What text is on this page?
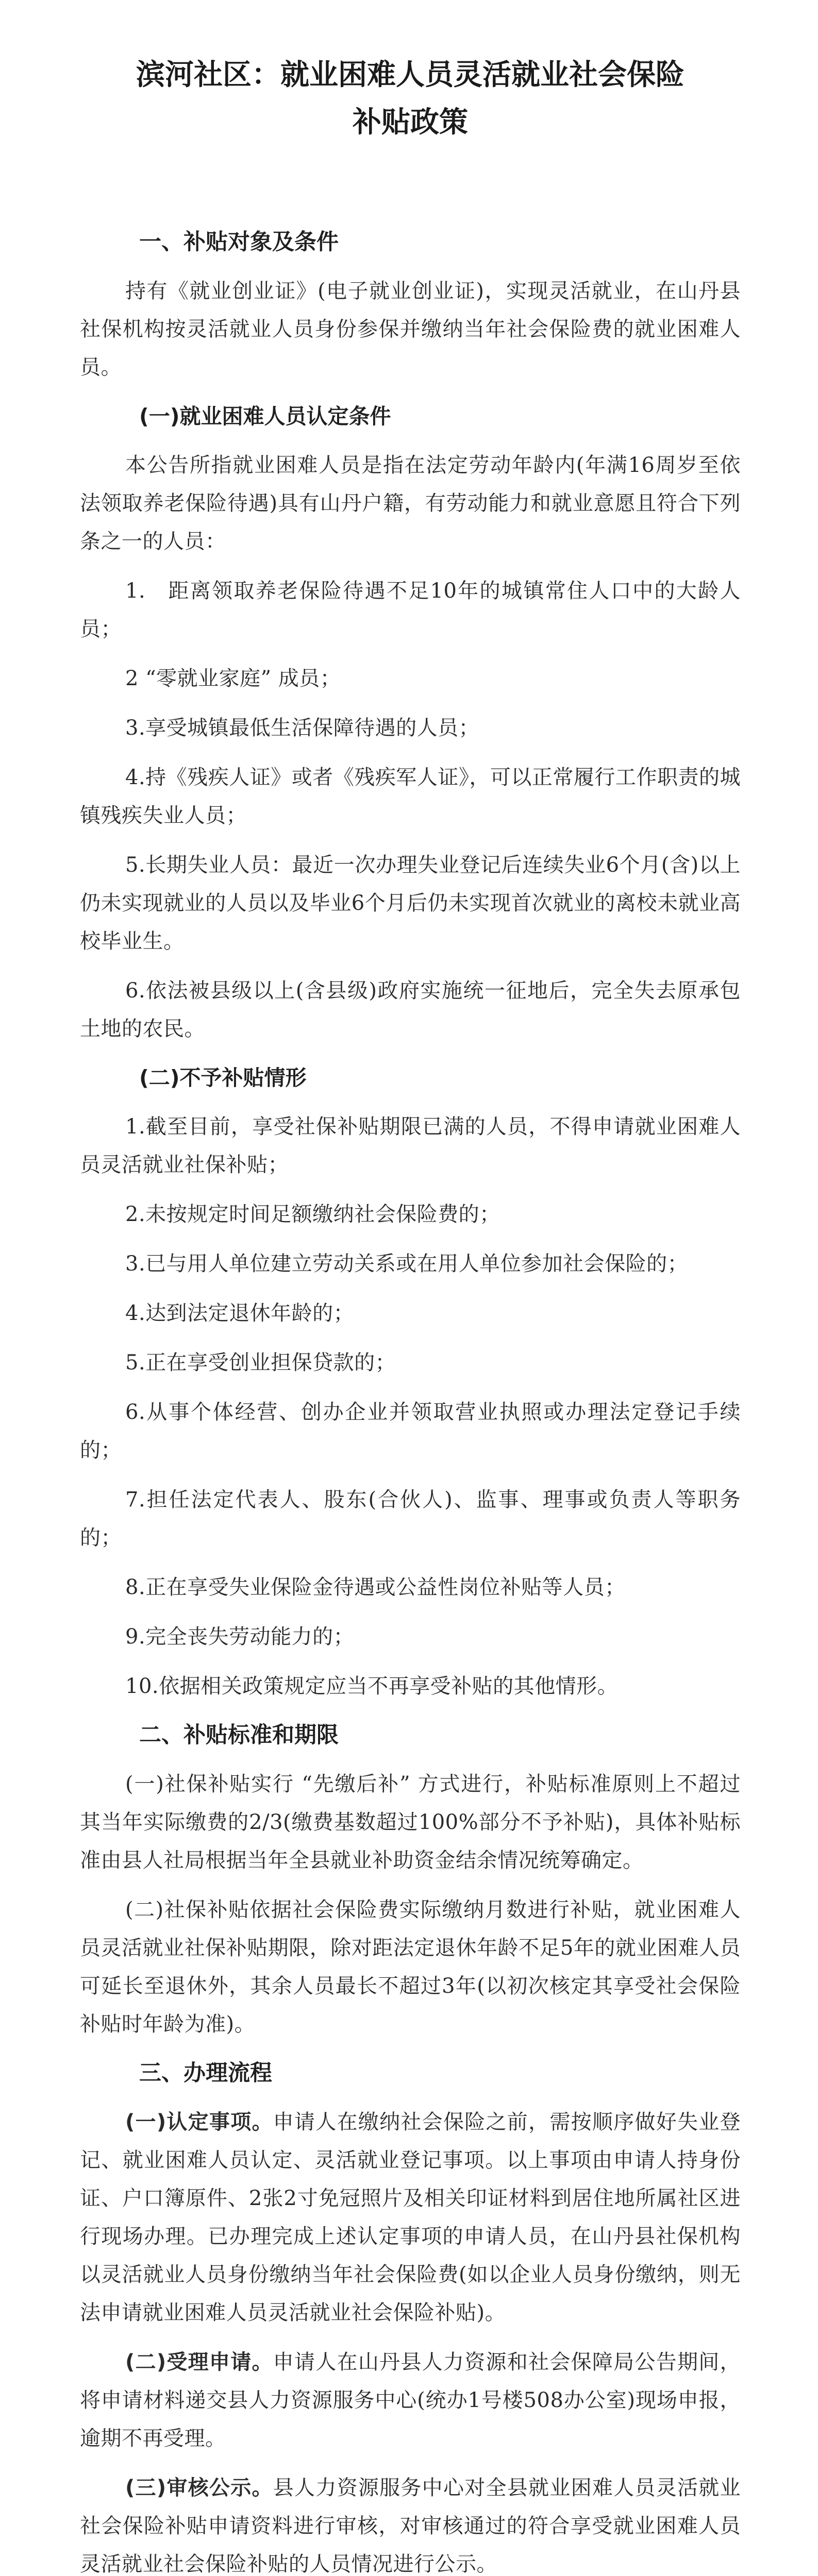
滨河社区：就业困难人员灵活就业社会保险
补贴政策
一、补贴对象及条件
持有《就业创业证》(电子就业创业证)，实现灵活就业，在山丹县社保机构按灵活就业人员身份参保并缴纳当年社会保险费的就业困难人员。
(一)就业困难人员认定条件
本公告所指就业困难人员是指在法定劳动年龄内(年满16周岁至依法领取养老保险待遇)具有山丹户籍，有劳动能力和就业意愿且符合下列条之一的人员：
1.　距离领取养老保险待遇不足10年的城镇常住人口中的大龄人员；
2 “零就业家庭” 成员；
3.享受城镇最低生活保障待遇的人员；
4.持《残疾人证》或者《残疾军人证》，可以正常履行工作职责的城镇残疾失业人员；
5.长期失业人员：最近一次办理失业登记后连续失业6个月(含)以上仍未实现就业的人员以及毕业6个月后仍未实现首次就业的离校未就业高校毕业生。
6.依法被县级以上(含县级)政府实施统一征地后，完全失去原承包土地的农民。
(二)不予补贴情形
1.截至目前，享受社保补贴期限已满的人员，不得申请就业困难人员灵活就业社保补贴；
2.未按规定时间足额缴纳社会保险费的；
3.已与用人单位建立劳动关系或在用人单位参加社会保险的；
4.达到法定退休年龄的；
5.正在享受创业担保贷款的；
6.从事个体经营、创办企业并领取营业执照或办理法定登记手续的；
7.担任法定代表人、股东(合伙人)、监事、理事或负责人等职务的；
8.正在享受失业保险金待遇或公益性岗位补贴等人员；
9.完全丧失劳动能力的；
10.依据相关政策规定应当不再享受补贴的其他情形。
二、补贴标准和期限
(一)社保补贴实行 “先缴后补” 方式进行，补贴标准原则上不超过其当年实际缴费的2/3(缴费基数超过100%部分不予补贴)，具体补贴标准由县人社局根据当年全县就业补助资金结余情况统筹确定。
(二)社保补贴依据社会保险费实际缴纳月数进行补贴，就业困难人员灵活就业社保补贴期限，除对距法定退休年龄不足5年的就业困难人员可延长至退休外，其余人员最长不超过3年(以初次核定其享受社会保险补贴时年龄为准)。
三、办理流程
(一)认定事项。申请人在缴纳社会保险之前，需按顺序做好失业登记、就业困难人员认定、灵活就业登记事项。以上事项由申请人持身份证、户口簿原件、2张2寸免冠照片及相关印证材料到居住地所属社区进行现场办理。已办理完成上述认定事项的申请人员，在山丹县社保机构以灵活就业人员身份缴纳当年社会保险费(如以企业人员身份缴纳，则无法申请就业困难人员灵活就业社会保险补贴)。
(二)受理申请。申请人在山丹县人力资源和社会保障局公告期间，将申请材料递交县人力资源服务中心(统办1号楼508办公室)现场申报，逾期不再受理。
(三)审核公示。县人力资源服务中心对全县就业困难人员灵活就业社会保险补贴申请资料进行审核，对审核通过的符合享受就业困难人员灵活就业社会保险补贴的人员情况进行公示。
